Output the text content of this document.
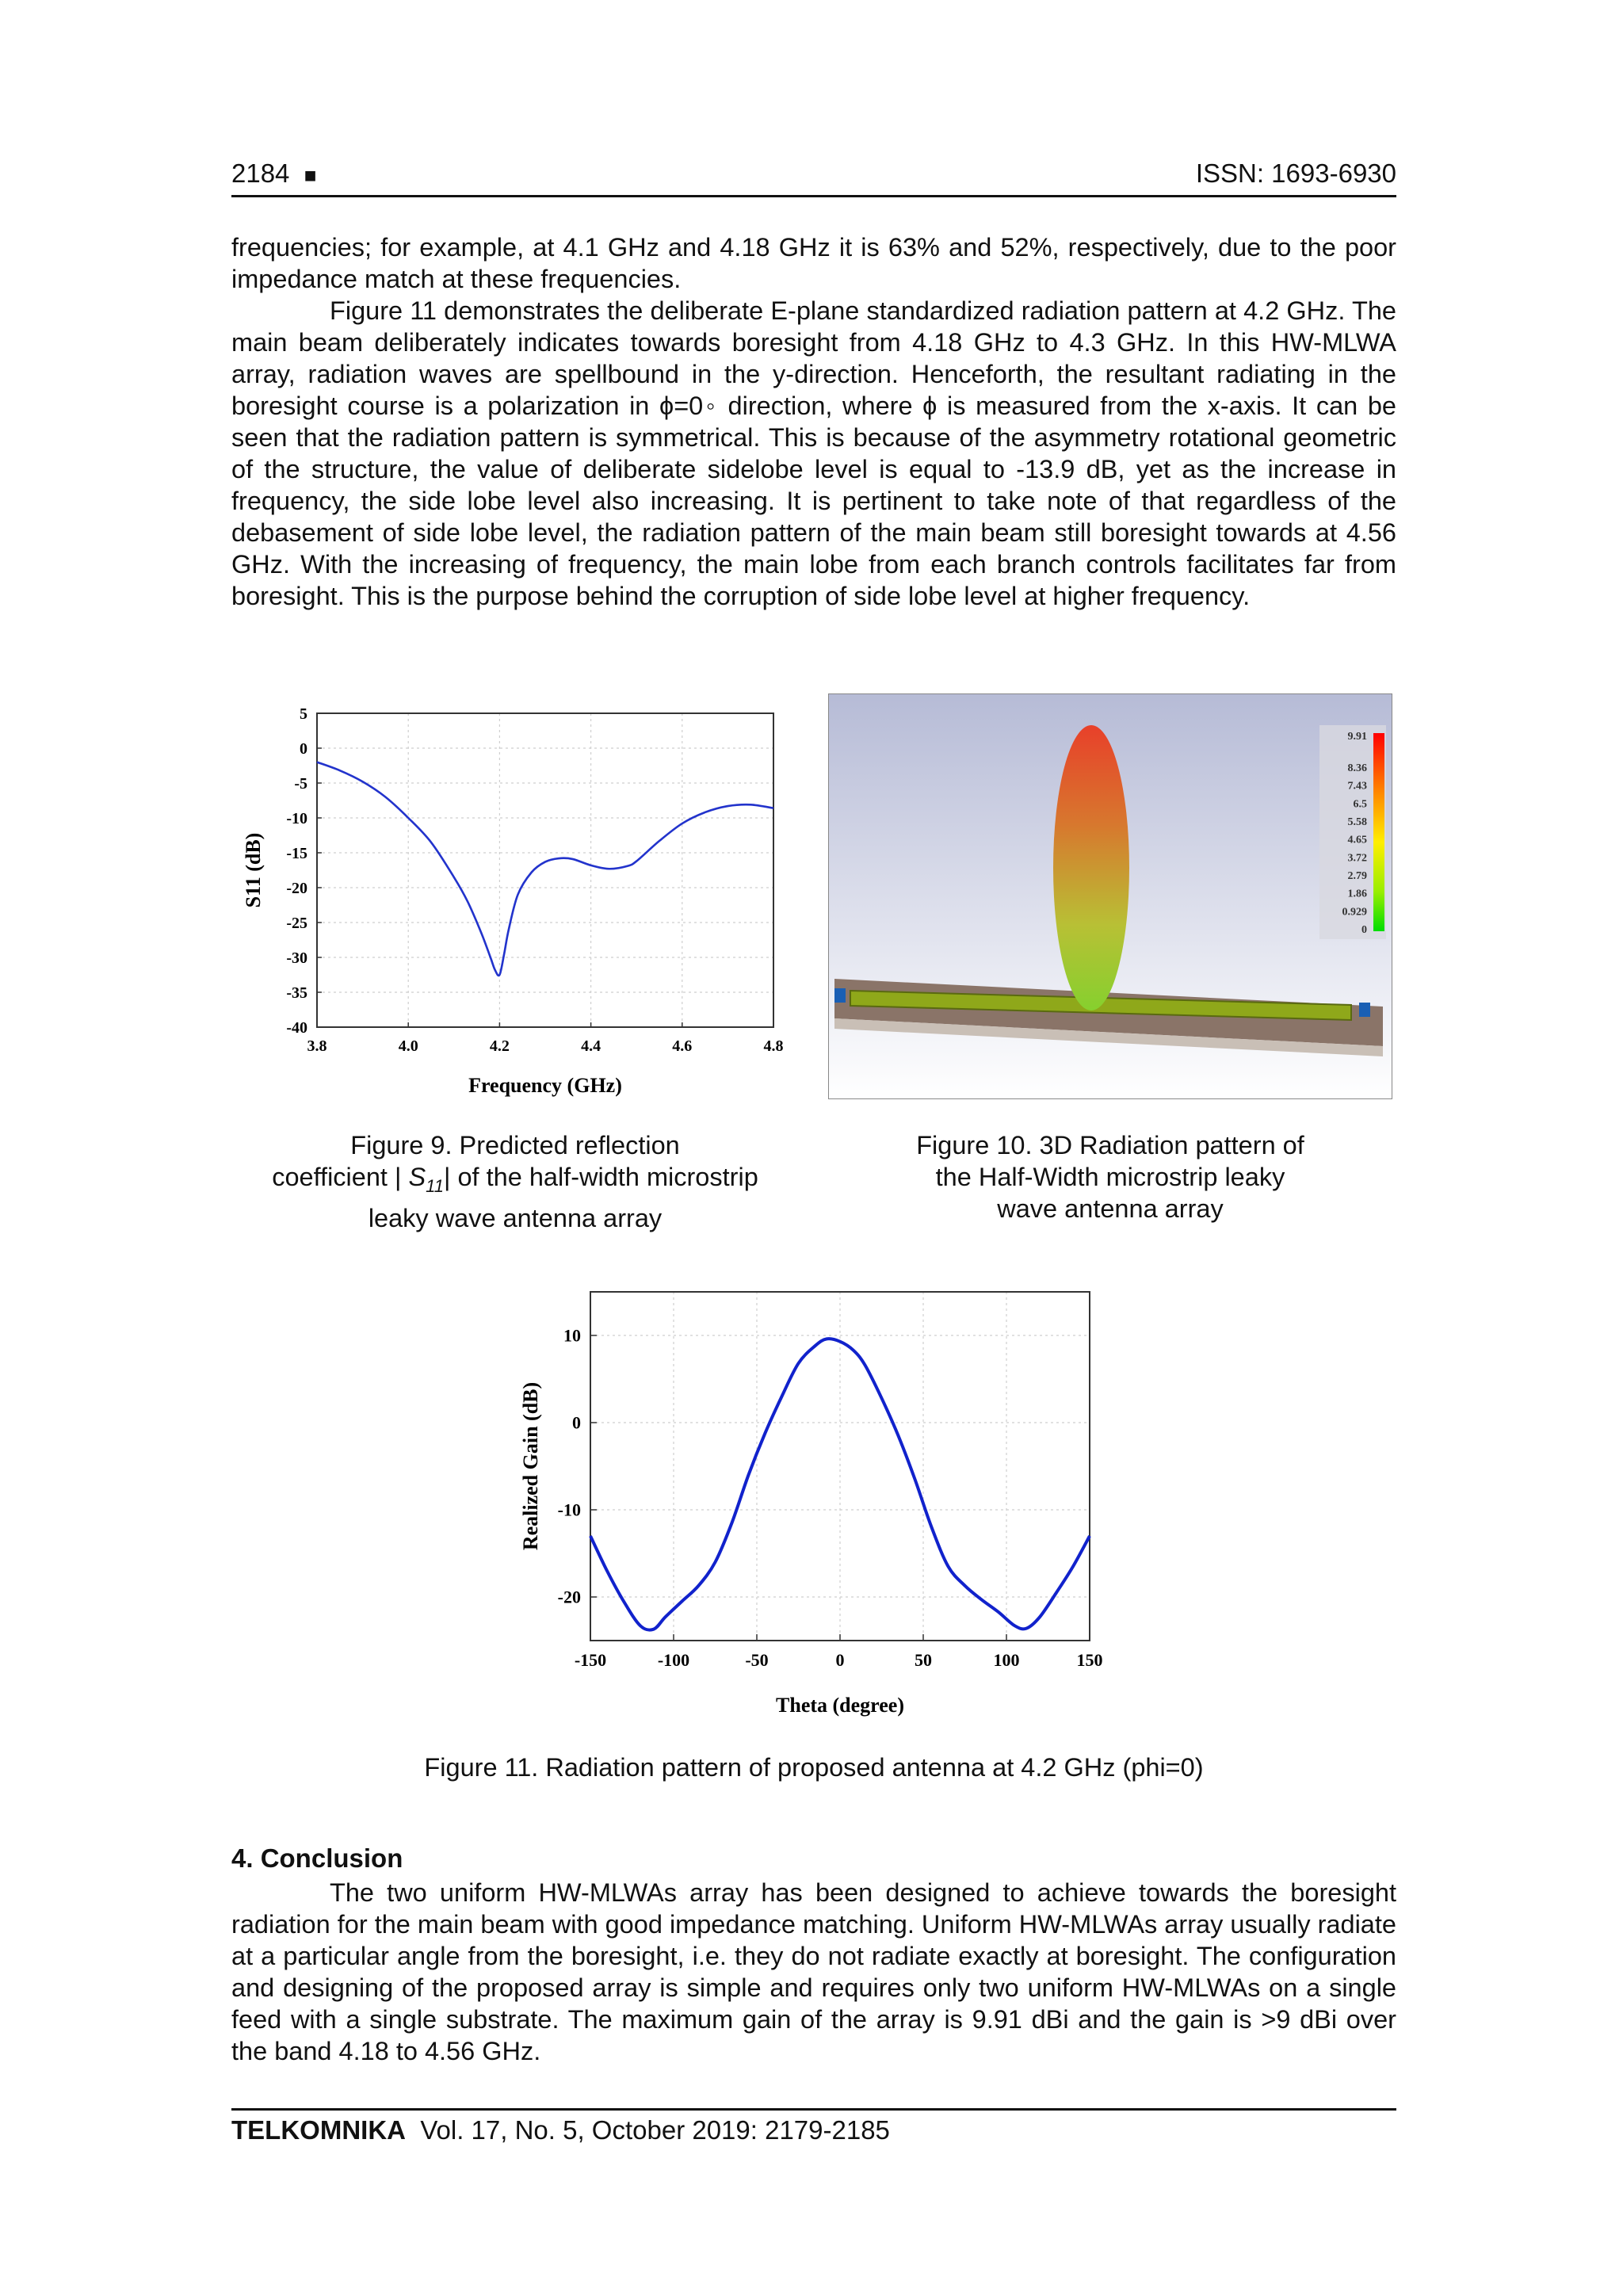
2184 ■	ISSN: 1693-6930

frequencies; for example, at 4.1 GHz and 4.18 GHz it is 63% and 52%, respectively, due to the poor impedance match at these frequencies.

Figure 11 demonstrates the deliberate E-plane standardized radiation pattern at 4.2 GHz. The main beam deliberately indicates towards boresight from 4.18 GHz to 4.3 GHz. In this HW-MLWA array, radiation waves are spellbound in the y-direction. Henceforth, the resultant radiating in the boresight course is a polarization in ϕ=0◦ direction, where ϕ is measured from the x-axis. It can be seen that the radiation pattern is symmetrical. This is because of the asymmetry rotational geometric of the structure, the value of deliberate sidelobe level is equal to -13.9 dB, yet as the increase in frequency, the side lobe level also increasing. It is pertinent to take note of that regardless of the debasement of side lobe level, the radiation pattern of the main beam still boresight towards at 4.56 GHz. With the increasing of frequency, the main lobe from each branch controls facilitates far from boresight. This is the purpose behind the corruption of side lobe level at higher frequency.

5
0
-5
-10
-15
-20
-25
-30
-35
-40
3.8	4.0	4.2	4.4	4.6	4.8
Frequency (GHz)
S11 (dB)
9.91
8.36
7.43
6.5
5.58
4.65
3.72
2.79
1.86
0.929
0
Figure 9. Predicted reflection
coefficient | $S_{11}|$ of the half-width microstrip
leaky wave antenna array
Figure 10. 3D Radiation pattern of
the Half-Width microstrip leaky
wave antenna array
10
0
-10
-20
-150	-100	-50	0	50	100	150
Theta (degree)
Realized Gain (dB)
Figure 11. Radiation pattern of proposed antenna at 4.2 GHz (phi=0)
4. Conclusion

The two uniform HW-MLWAs array has been designed to achieve towards the boresight radiation for the main beam with good impedance matching. Uniform HW-MLWAs array usually radiate at a particular angle from the boresight, i.e. they do not radiate exactly at boresight. The configuration and designing of the proposed array is simple and requires only two uniform HW-MLWAs on a single feed with a single substrate. The maximum gain of the array is 9.91 dBi and the gain is >9 dBi over the band 4.18 to 4.56 GHz.

TELKOMNIKA Vol. 17, No. 5, October 2019: 2179-2185
